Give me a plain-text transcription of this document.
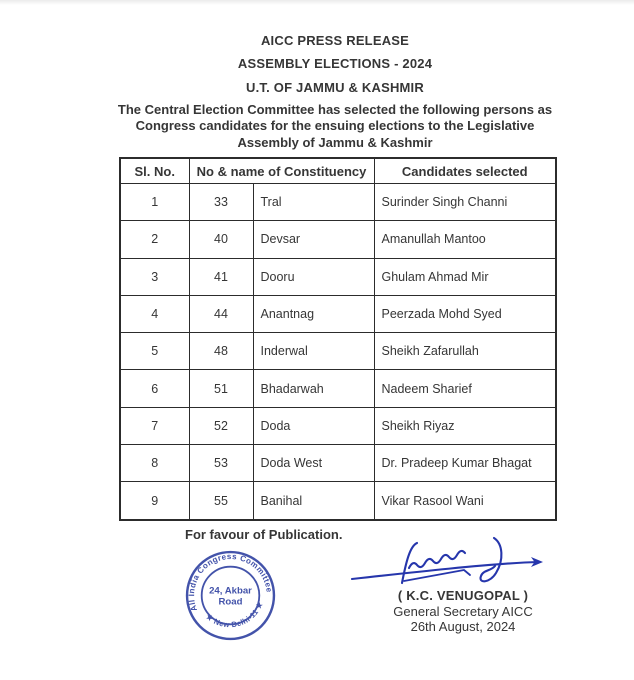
AICC PRESS RELEASE
ASSEMBLY ELECTIONS - 2024
U.T. OF JAMMU & KASHMIR
The Central Election Committee has selected the following persons as
Congress candidates for the ensuing elections to the Legislative
Assembly of Jammu & Kashmir
Sl. No.	No & name of Constituency		Candidates selected
1	33	Tral	Surinder Singh Channi
2	40	Devsar	Amanullah Mantoo
3	41	Dooru	Ghulam Ahmad Mir
4	44	Anantnag	Peerzada Mohd Syed
5	48	Inderwal	Sheikh Zafarullah
6	51	Bhadarwah	Nadeem Sharief
7	52	Doda	Sheikh Riyaz
8	53	Doda West	Dr. Pradeep Kumar Bhagat
9	55	Banihal	Vikar Rasool Wani
For favour of Publication.
All India Congress Committee
★ New Delhi-11 ★
24, Akbar
Road	( K.C. VENUGOPAL )
General Secretary AICC
26th August, 2024
